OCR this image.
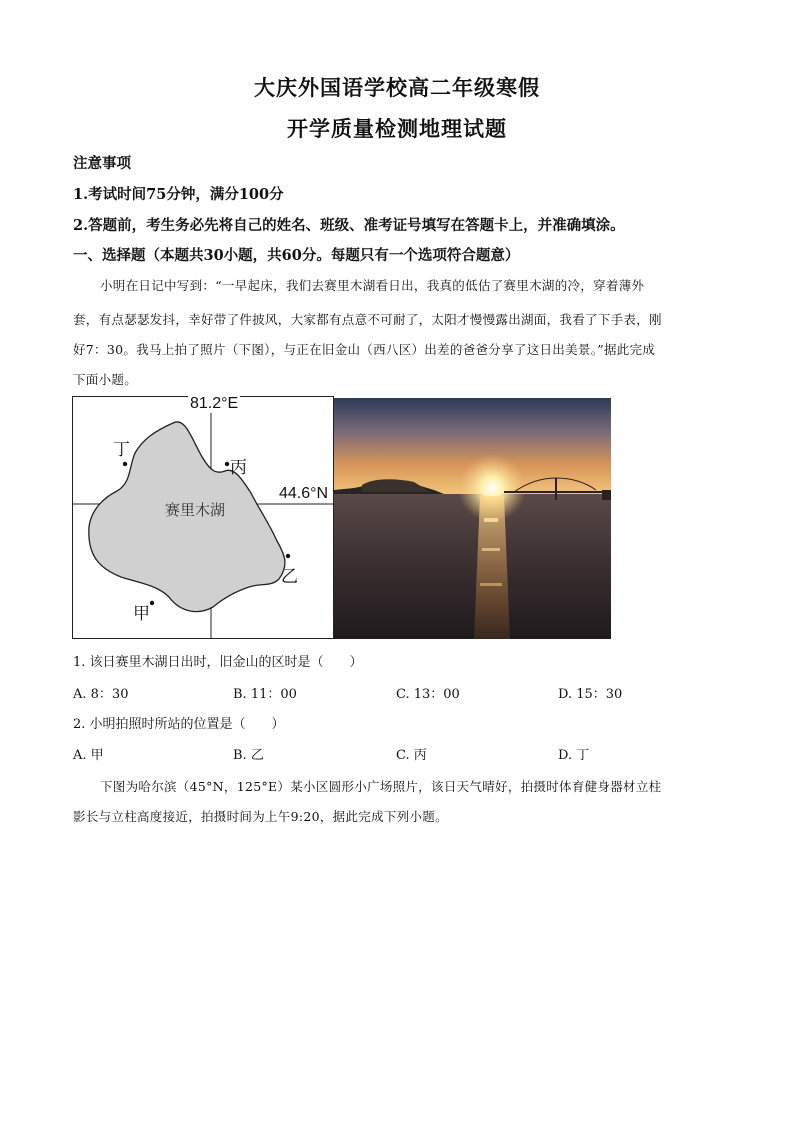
大庆外国语学校高二年级寒假
开学质量检测地理试题
注意事项
1.考试时间75分钟，满分100分
2.答题前，考生务必先将自己的姓名、班级、准考证号填写在答题卡上，并准确填涂。
一、选择题（本题共30小题，共60分。每题只有一个选项符合题意）
小明在日记中写到：“一早起床，我们去赛里木湖看日出，我真的低估了赛里木湖的冷，穿着薄外
套，有点瑟瑟发抖，幸好带了件披风，大家都有点意不可耐了，太阳才慢慢露出湖面，我看了下手表，刚
好7：30。我马上拍了照片（下图），与正在旧金山（西八区）出差的爸爸分享了这日出美景。”据此完成
下面小题。
81.2°E
44.6°N
赛里木湖
丁
丙
乙
甲
1. 该日赛里木湖日出时，旧金山的区时是（　　）
A. 8：30	B. 11：00	C. 13：00	D. 15：30
2. 小明拍照时所站的位置是（　　）
A. 甲	B. 乙	C. 丙	D. 丁
下图为哈尔滨（45°N，125°E）某小区圆形小广场照片，该日天气晴好，拍摄时体育健身器材立柱
影长与立柱高度接近，拍摄时间为上午9:20，据此完成下列小题。
